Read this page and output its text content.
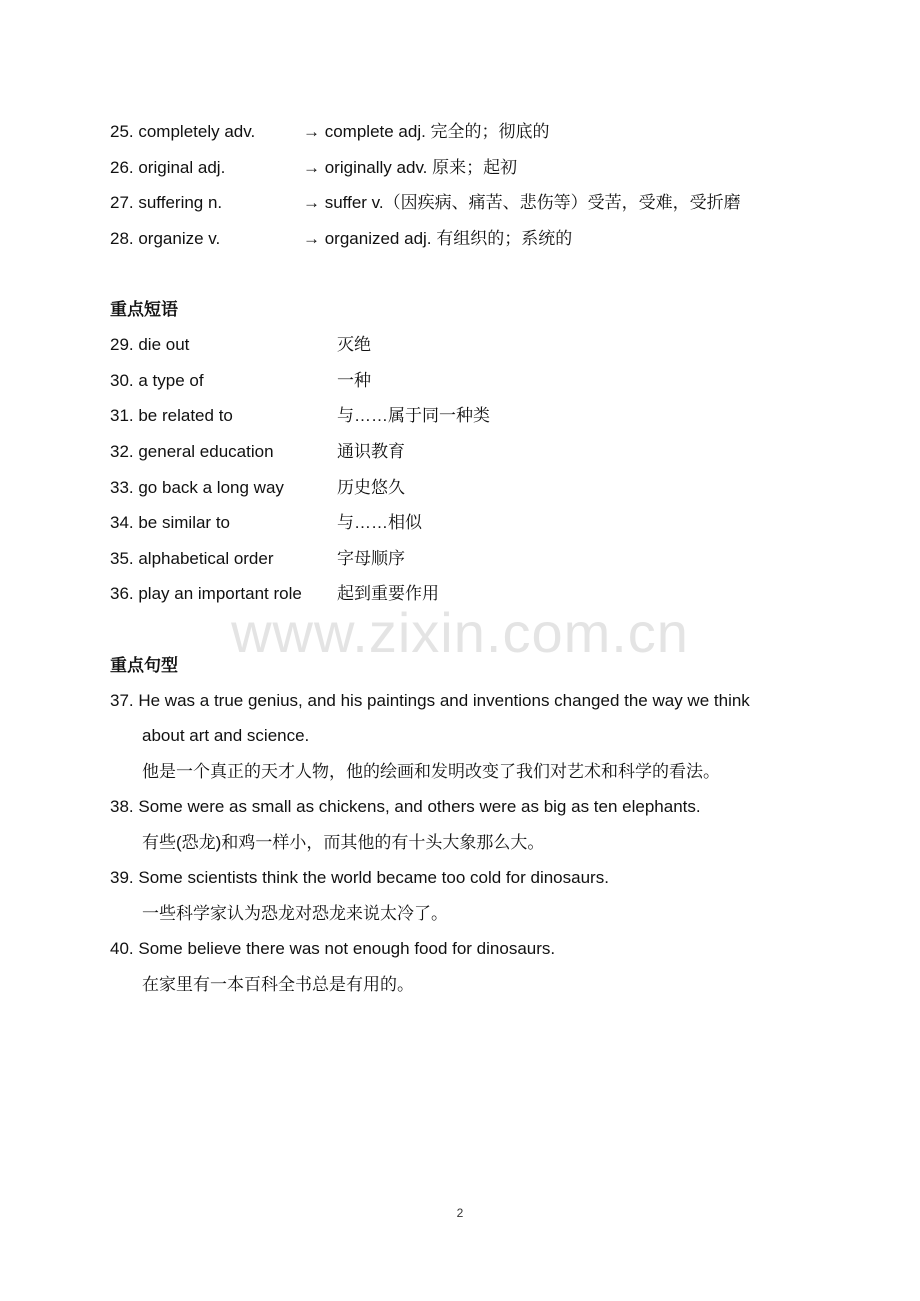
25. completely adv.	→ complete adj. 完全的；彻底的
26. original adj.	→ originally adv. 原来；起初
27. suffering n.	→ suffer v.（因疾病、痛苦、悲伤等）受苦，受难，受折磨
28. organize v.	→ organized adj. 有组织的；系统的
重点短语
29. die out	灭绝
30. a type of	一种
31. be related to	与……属于同一种类
32. general education	通识教育
33. go back a long way	历史悠久
34. be similar to	与……相似
35. alphabetical order	字母顺序
36. play an important role 起到重要作用
www.zixin.com.cn
重点句型
37. He was a true genius, and his paintings and inventions changed the way we think
about art and science.
他是一个真正的天才人物，他的绘画和发明改变了我们对艺术和科学的看法。
38. Some were as small as chickens, and others were as big as ten elephants.
有些(恐龙)和鸡一样小，而其他的有十头大象那么大。
39. Some scientists think the world became too cold for dinosaurs.
一些科学家认为恐龙对恐龙来说太冷了。
40. Some believe there was not enough food for dinosaurs.
在家里有一本百科全书总是有用的。
2
